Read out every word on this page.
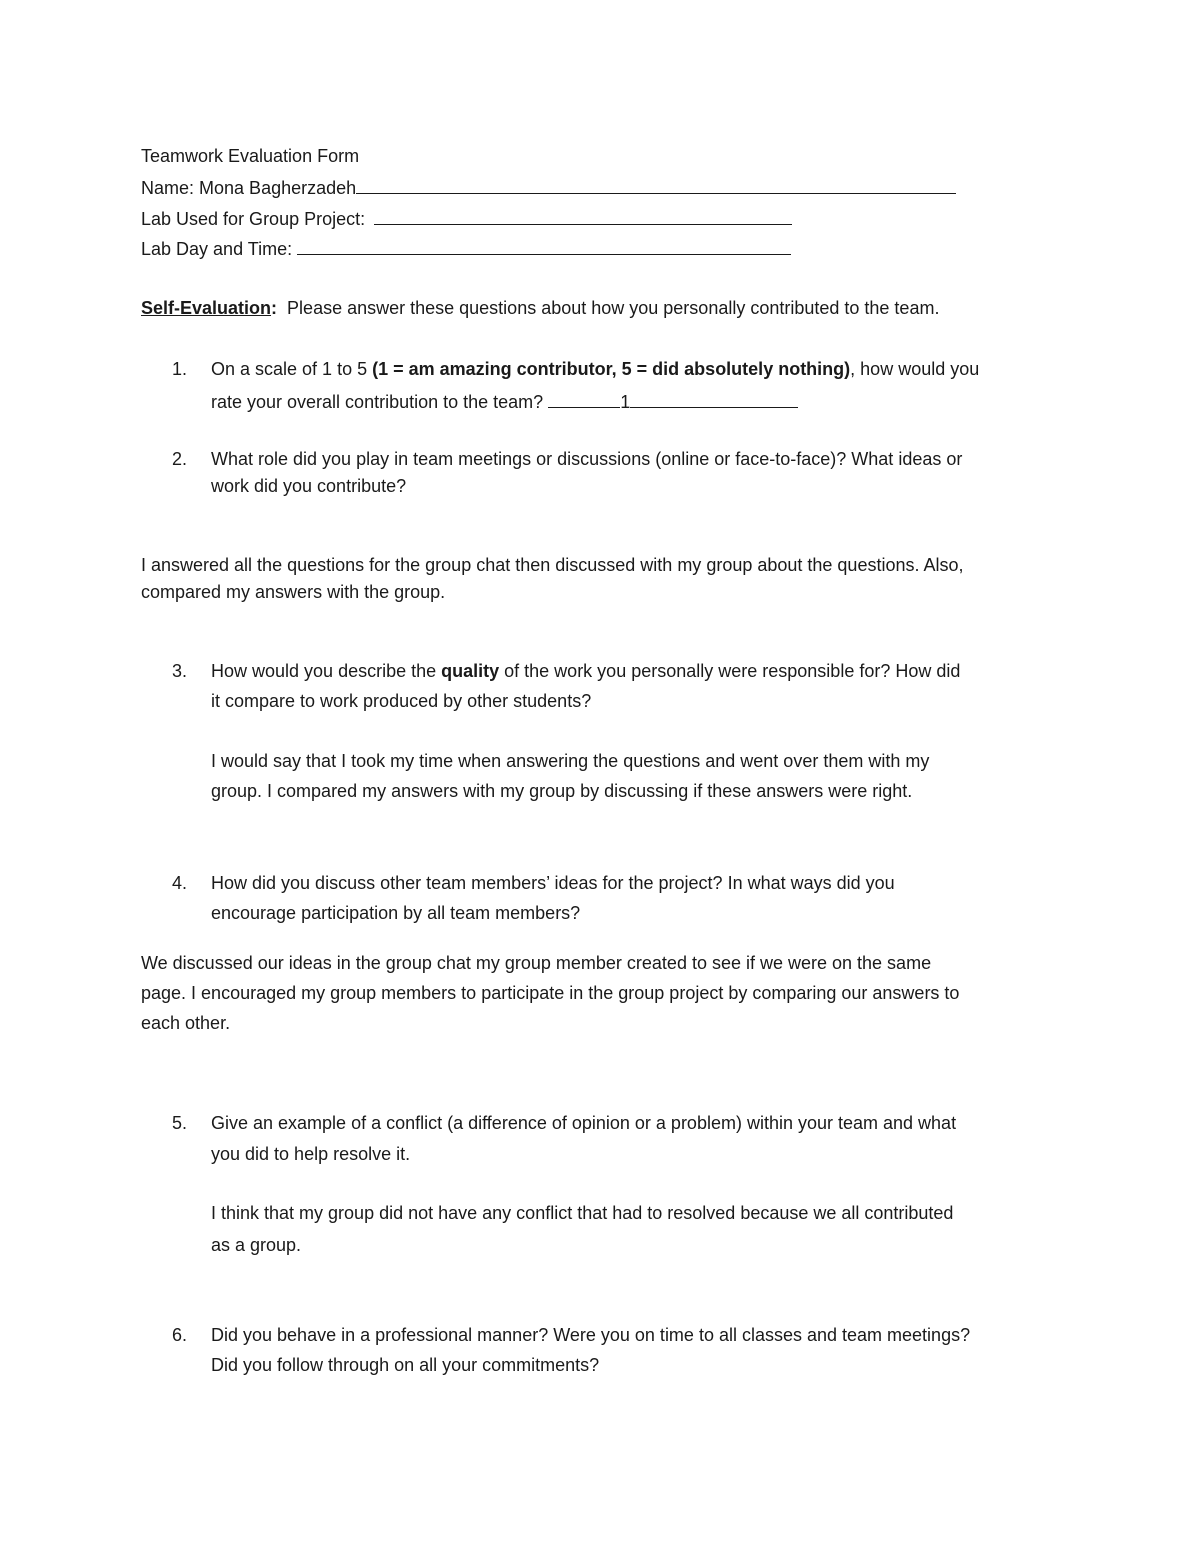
Teamwork Evaluation Form
Name: Mona Bagherzadeh
Lab Used for Group Project:
Lab Day and Time:
Self-Evaluation: Please answer these questions about how you personally contributed to the team.
1. On a scale of 1 to 5 (1 = am amazing contributor, 5 = did absolutely nothing), how would you
rate your overall contribution to the team?	1
2. What role did you play in team meetings or discussions (online or face-to-face)? What ideas or
work did you contribute?
I answered all the questions for the group chat then discussed with my group about the questions. Also,
compared my answers with the group.
3. How would you describe the quality of the work you personally were responsible for? How did
it compare to work produced by other students?
I would say that I took my time when answering the questions and went over them with my
group. I compared my answers with my group by discussing if these answers were right.
4. How did you discuss other team members’ ideas for the project? In what ways did you
encourage participation by all team members?
We discussed our ideas in the group chat my group member created to see if we were on the same
page. I encouraged my group members to participate in the group project by comparing our answers to
each other.
5. Give an example of a conflict (a difference of opinion or a problem) within your team and what
you did to help resolve it.
I think that my group did not have any conflict that had to resolved because we all contributed
as a group.
6. Did you behave in a professional manner? Were you on time to all classes and team meetings?
Did you follow through on all your commitments?
